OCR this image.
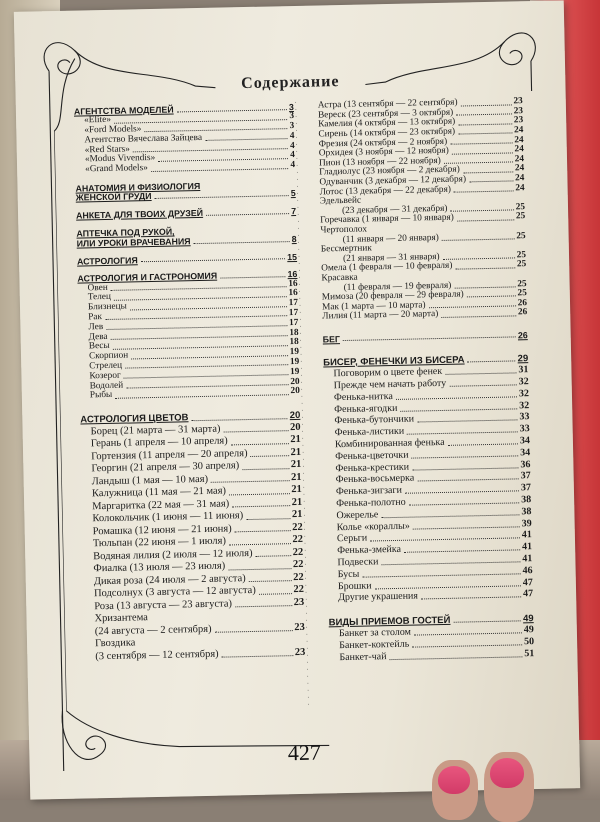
Содержание
АГЕНТСТВА МОДЕЛЕЙ	3
«Elite»	3
«Ford Models»	3
Агентство Вячеслава Зайцева	4
«Red Stars»	4
«Modus Vivendis»	4
«Grand Models»	4
АНАТОМИЯ И ФИЗИОЛОГИЯ
ЖЕНСКОЙ ГРУДИ	5
АНКЕТА ДЛЯ ТВОИХ ДРУЗЕЙ	7
АПТЕЧКА ПОД РУКОЙ,
ИЛИ УРОКИ ВРАЧЕВАНИЯ	8
АСТРОЛОГИЯ	15
АСТРОЛОГИЯ И ГАСТРОНОМИЯ	16
Овен	16
Телец	16
Близнецы	17
Рак	17
Лев	17
Дева	18
Весы	18
Скорпион	19
Стрелец	19
Козерог	19
Водолей	20
Рыбы	20
АСТРОЛОГИЯ ЦВЕТОВ	20
Борец (21 марта — 31 марта)	20
Герань (1 апреля — 10 апреля)	21
Гортензия (11 апреля — 20 апреля)	21
Георгин (21 апреля — 30 апреля)	21
Ландыш (1 мая — 10 мая)	21
Калужница (11 мая — 21 мая)	21
Маргаритка (22 мая — 31 мая)	21
Колокольчик (1 июня — 11 июня)	21
Ромашка (12 июня — 21 июня)	22
Тюльпан (22 июня — 1 июля)	22
Водяная лилия (2 июля — 12 июля)	22
Фиалка (13 июля — 23 июля)	22
Дикая роза (24 июля — 2 августа)	22
Подсолнух (3 августа — 12 августа)	22
Роза (13 августа — 23 августа)	23
Хризантема
(24 августа — 2 сентября)	23
Гвоздика
(3 сентября — 12 сентября)	23
Астра (13 сентября — 22 сентября)	23
Вереск (23 сентября — 3 октября)	23
Камелия (4 октября — 13 октября)	23
Сирень (14 октября — 23 октября)	24
Фрезия (24 октября — 2 ноября)	24
Орхидея (3 ноября — 12 ноября)	24
Пион (13 ноября — 22 ноября)	24
Гладиолус (23 ноября — 2 декабря)	24
Одуванчик (3 декабря — 12 декабря)	24
Лотос (13 декабря — 22 декабря)	24
Эдельвейс
(23 декабря — 31 декабря)	25
Горечавка (1 января — 10 января)	25
Чертополох
(11 января — 20 января)	25
Бессмертник
(21 января — 31 января)	25
Омела (1 февраля — 10 февраля)	25
Красавка
(11 февраля — 19 февраля)	25
Мимоза (20 февраля — 29 февраля)	25
Мак (1 марта — 10 марта)	26
Лилия (11 марта — 20 марта)	26
БЕГ	26
БИСЕР, ФЕНЕЧКИ ИЗ БИСЕРА	29
Поговорим о цвете фенек	31
Прежде чем начать работу	32
Фенька-нитка	32
Фенька-ягодки	32
Фенька-бутончики	33
Фенька-листики	33
Комбинированная фенька	34
Фенька-цветочки	34
Фенька-крестики	36
Фенька-восьмерка	37
Фенька-зигзаги	37
Фенька-полотно	38
Ожерелье	38
Колье «кораллы»	39
Серьги	41
Фенька-змейка	41
Подвески	41
Бусы	46
Брошки	47
Другие украшения	47
ВИДЫ ПРИЕМОВ ГОСТЕЙ	49
Банкет за столом	49
Банкет-коктейль	50
Банкет-чай	51
427
